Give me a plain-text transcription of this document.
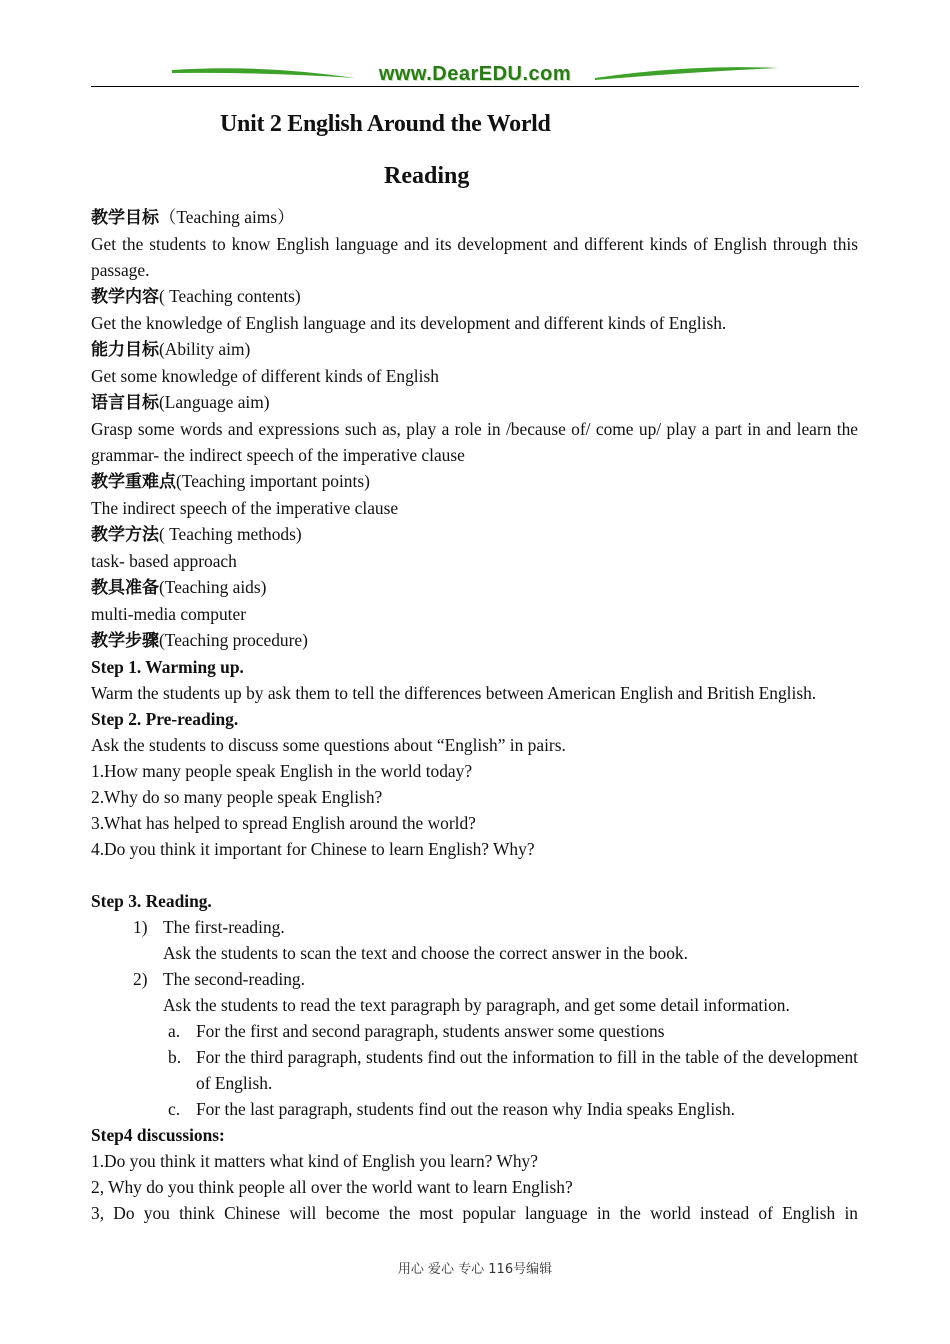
www.DearEDU.com
Unit 2 English Around the World
Reading

教学目标（Teaching aims）

Get the students to know English language and its development and different kinds of English through this passage.

教学内容( Teaching contents)

Get the knowledge of English language and its development and different kinds of English.

能力目标(Ability aim)

Get some knowledge of different kinds of English

语言目标(Language aim)

Grasp some words and expressions such as, play a role in /because of/ come up/ play a part in and learn the grammar- the indirect speech of the imperative clause

教学重难点(Teaching important points)

The indirect speech of the imperative clause

教学方法( Teaching methods)

task- based approach

教具准备(Teaching aids)

multi-media computer

教学步骤(Teaching procedure)

Step 1. Warming up.

Warm the students up by ask them to tell the differences between American English and British English.

Step 2. Pre-reading.

Ask the students to discuss some questions about “English” in pairs.

1.How many people speak English in the world today?

2.Why do so many people speak English?

3.What has helped to spread English around the world?

4.Do you think it important for Chinese to learn English? Why?

Step 3. Reading.

1) The first-reading.

Ask the students to scan the text and choose the correct answer in the book.

2) The second-reading.

Ask the students to read the text paragraph by paragraph, and get some detail information.

a. For the first and second paragraph, students answer some questions

b. For the third paragraph, students find out the information to fill in the table of the development of English.

c. For the last paragraph, students find out the reason why India speaks English.

Step4 discussions:

1.Do you think it matters what kind of English you learn? Why?

2, Why do you think people all over the world want to learn English?

3, Do you think Chinese will become the most popular language in the world instead of English in

用心 爱心 专心 116号编辑
